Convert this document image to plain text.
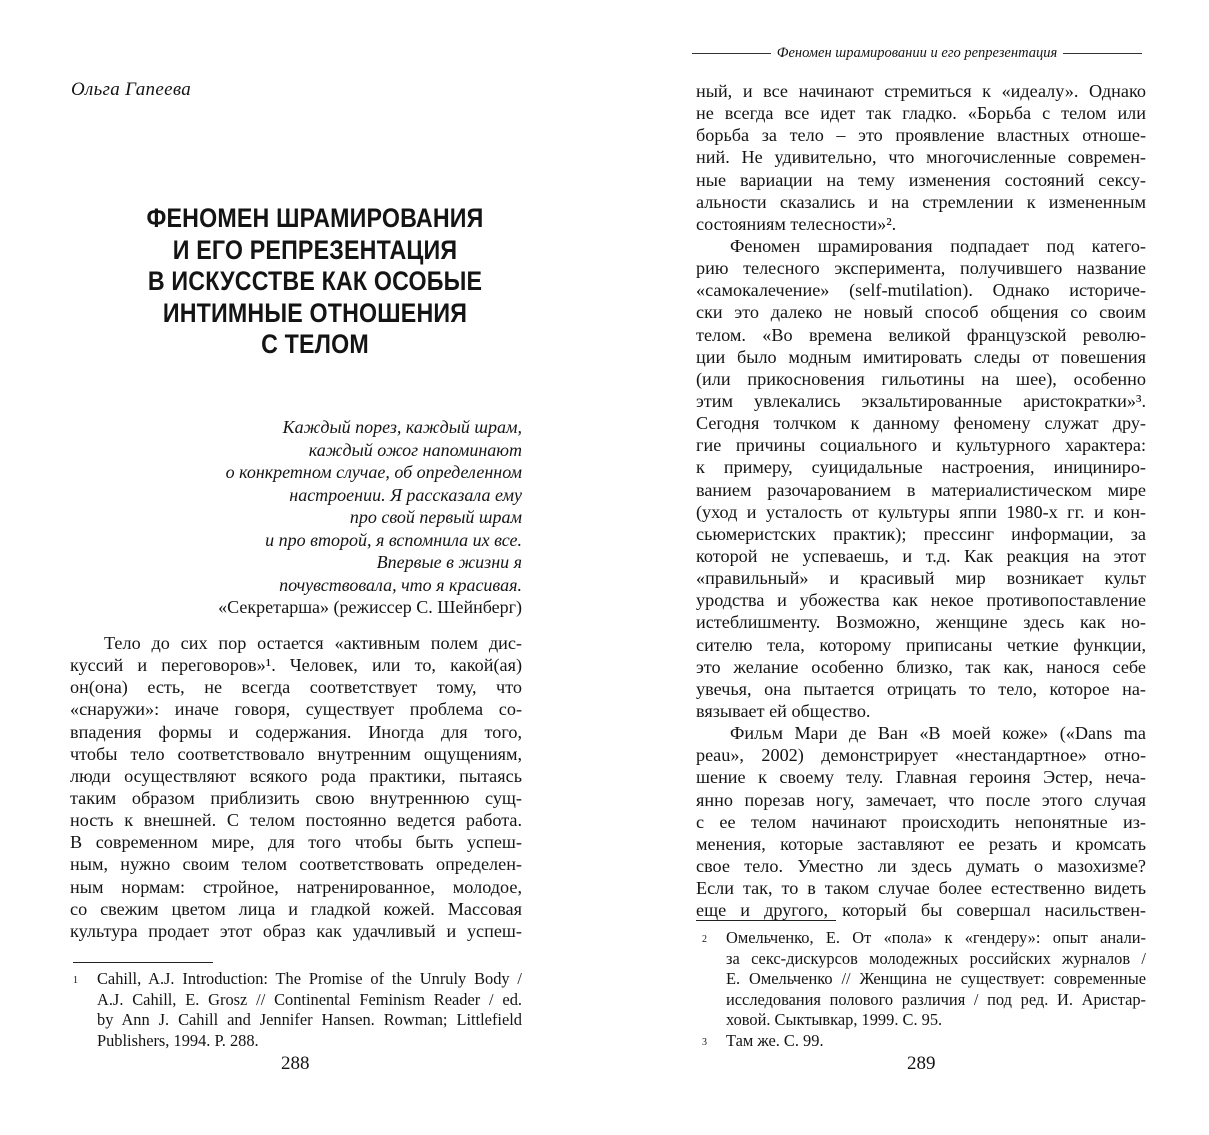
Ольга Гапеева
ФЕНОМЕН ШРАМИРОВАНИЯ
И ЕГО РЕПРЕЗЕНТАЦИЯ
В ИСКУССТВЕ КАК ОСОБЫЕ
ИНТИМНЫЕ ОТНОШЕНИЯ
С ТЕЛОМ
Каждый порез, каждый шрам,
каждый ожог напоминают
о конкретном случае, об определенном
настроении. Я рассказала ему
про свой первый шрам
и про второй, я вспомнила их все.
Впервые в жизни я
почувствовала, что я красивая.
«Секретарша» (режиссер С. Шейнберг)
Тело до сих пор остается «активным полем дис-
куссий и переговоров»¹. Человек, или то, какой(ая)
он(она) есть, не всегда соответствует тому, что
«снаружи»: иначе говоря, существует проблема со-
впадения формы и содержания. Иногда для того,
чтобы тело соответствовало внутренним ощущениям,
люди осуществляют всякого рода практики, пытаясь
таким образом приблизить свою внутреннюю сущ-
ность к внешней. С телом постоянно ведется работа.
В современном мире, для того чтобы быть успеш-
ным, нужно своим телом соответствовать определен-
ным нормам: стройное, натренированное, молодое,
со свежим цветом лица и гладкой кожей. Массовая
культура продает этот образ как удачливый и успеш-
1	Cahill, A.J. Introduction: The Promise of the Unruly Body /
A.J. Cahill, E. Grosz // Continental Feminism Reader / ed.
by Ann J. Cahill and Jennifer Hansen. Rowman; Littlefield
Publishers, 1994. P. 288.
288
Феномен шрамировании и его репрезентация
ный, и все начинают стремиться к «идеалу». Однако
не всегда все идет так гладко. «Борьба с телом или
борьба за тело – это проявление властных отноше-
ний. Не удивительно, что многочисленные современ-
ные вариации на тему изменения состояний сексу-
альности сказались и на стремлении к измененным
состояниям телесности»².
Феномен шрамирования подпадает под катего-
рию телесного эксперимента, получившего название
«самокалечение» (self-mutilation). Однако историче-
ски это далеко не новый способ общения со своим
телом. «Во времена великой французской револю-
ции было модным имитировать следы от повешения
(или прикосновения гильотины на шее), особенно
этим увлекались экзальтированные аристократки»³.
Сегодня толчком к данному феномену служат дру-
гие причины социального и культурного характера:
к примеру, суицидальные настроения, инициниро-
ванием разочарованием в материалистическом мире
(уход и усталость от культуры яппи 1980-х гг. и кон-
сьюмеристских практик); прессинг информации, за
которой не успеваешь, и т.д. Как реакция на этот
«правильный» и красивый мир возникает культ
уродства и убожества как некое противопоставление
истеблишменту. Возможно, женщине здесь как но-
сителю тела, которому приписаны четкие функции,
это желание особенно близко, так как, нанося себе
увечья, она пытается отрицать то тело, которое на-
вязывает ей общество.
Фильм Мари де Ван «В моей коже» («Dans ma
peau», 2002) демонстрирует «нестандартное» отно-
шение к своему телу. Главная героиня Эстер, неча-
янно порезав ногу, замечает, что после этого случая
с ее телом начинают происходить непонятные из-
менения, которые заставляют ее резать и кромсать
свое тело. Уместно ли здесь думать о мазохизме?
Если так, то в таком случае более естественно видеть
еще и другого, который бы совершал насильствен-
2	Омельченко, Е. От «пола» к «гендеру»: опыт анали-
за секс-дискурсов молодежных российских журналов /
Е. Омельченко // Женщина не существует: современные
исследования полового различия / под ред. И. Аристар-
ховой. Сыктывкар, 1999. С. 95.
3	Там же. С. 99.
289
